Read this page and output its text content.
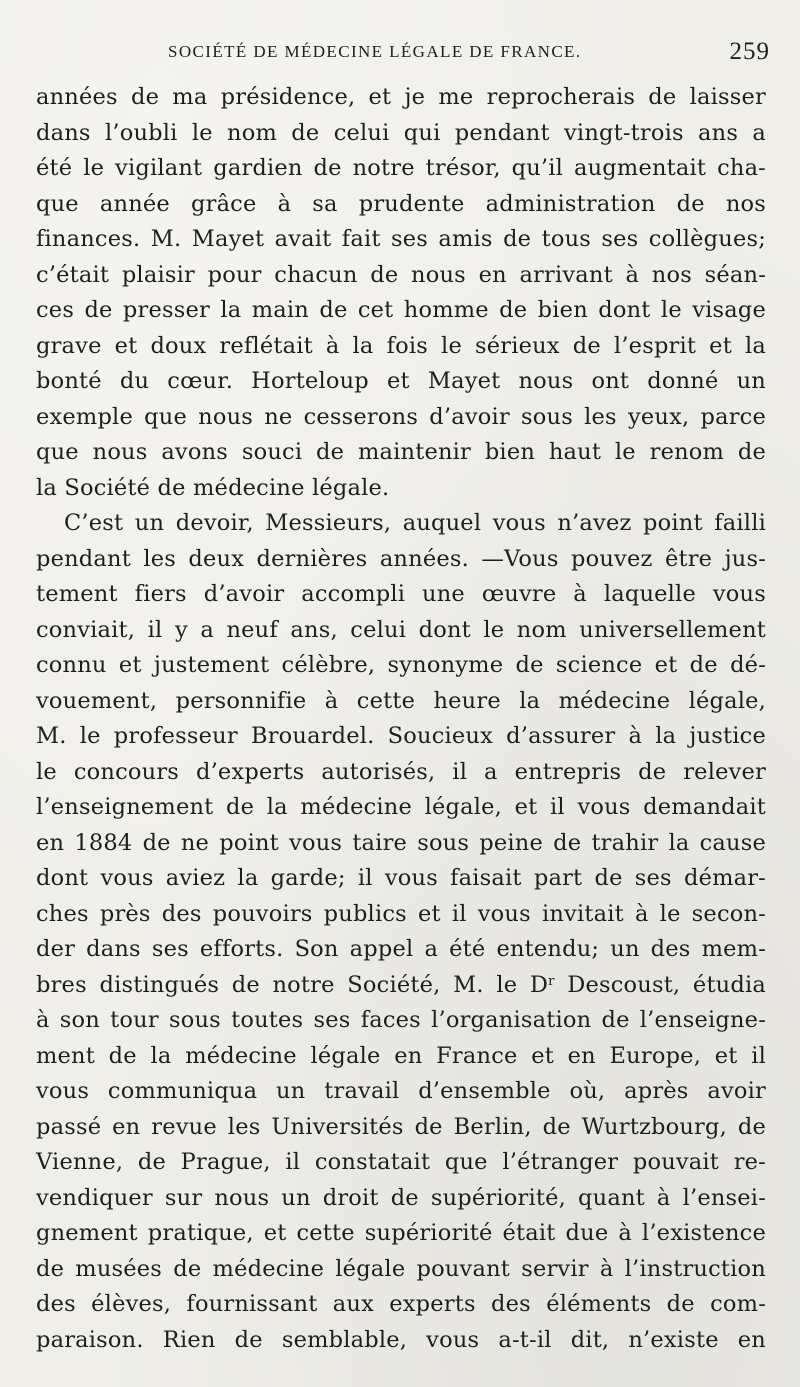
SOCIÉTÉ DE MÉDECINE LÉGALE DE FRANCE.	259
années de ma présidence, et je me reprocherais de laisser
dans l’oubli le nom de celui qui pendant vingt-trois ans a
été le vigilant gardien de notre trésor, qu’il augmentait cha-
que année grâce à sa prudente administration de nos
finances. M. Mayet avait fait ses amis de tous ses collègues;
c’était plaisir pour chacun de nous en arrivant à nos séan-
ces de presser la main de cet homme de bien dont le visage
grave et doux reflétait à la fois le sérieux de l’esprit et la
bonté du cœur. Horteloup et Mayet nous ont donné un
exemple que nous ne cesserons d’avoir sous les yeux, parce
que nous avons souci de maintenir bien haut le renom de
la Société de médecine légale.
C’est un devoir, Messieurs, auquel vous n’avez point failli
pendant les deux dernières années. —Vous pouvez être jus-
tement fiers d’avoir accompli une œuvre à laquelle vous
conviait, il y a neuf ans, celui dont le nom universellement
connu et justement célèbre, synonyme de science et de dé-
vouement, personnifie à cette heure la médecine légale,
M. le professeur Brouardel. Soucieux d’assurer à la justice
le concours d’experts autorisés, il a entrepris de relever
l’enseignement de la médecine légale, et il vous demandait
en 1884 de ne point vous taire sous peine de trahir la cause
dont vous aviez la garde; il vous faisait part de ses démar-
ches près des pouvoirs publics et il vous invitait à le secon-
der dans ses efforts. Son appel a été entendu; un des mem-
bres distingués de notre Société, M. le $D^r$ Descoust, étudia
à son tour sous toutes ses faces l’organisation de l’enseigne-
ment de la médecine légale en France et en Europe, et il
vous communiqua un travail d’ensemble où, après avoir
passé en revue les Universités de Berlin, de Wurtzbourg, de
Vienne, de Prague, il constatait que l’étranger pouvait re-
vendiquer sur nous un droit de supériorité, quant à l’ensei-
gnement pratique, et cette supériorité était due à l’existence
de musées de médecine légale pouvant servir à l’instruction
des élèves, fournissant aux experts des éléments de com-
paraison. Rien de semblable, vous a-t-il dit, n’existe en
